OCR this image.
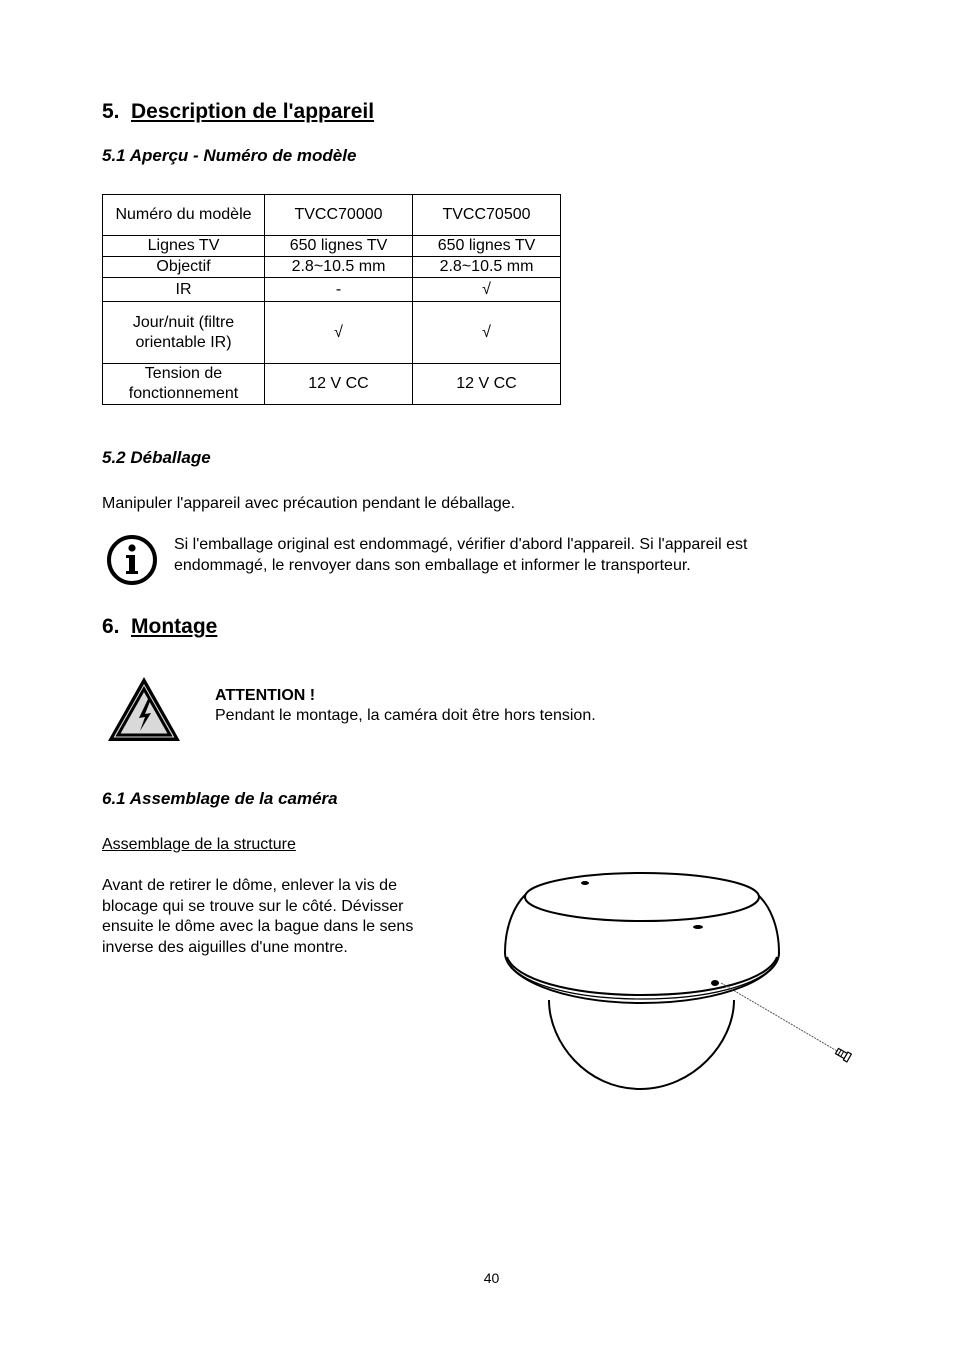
5. Description de l'appareil
5.1 Aperçu - Numéro de modèle
Numéro du modèle	TVCC70000	TVCC70500
Lignes TV	650 lignes TV	650 lignes TV
Objectif	2.8~10.5 mm	2.8~10.5 mm
IR	-	√
Jour/nuit (filtre orientable IR)	√	√
Tension de fonctionnement	12 V CC	12 V CC
5.2 Déballage
Manipuler l'appareil avec précaution pendant le déballage.
Si l'emballage original est endommagé, vérifier d'abord l'appareil. Si l'appareil est endommagé, le renvoyer dans son emballage et informer le transporteur.
6. Montage
ATTENTION !
Pendant le montage, la caméra doit être hors tension.
6.1 Assemblage de la caméra
Assemblage de la structure
Avant de retirer le dôme, enlever la vis de blocage qui se trouve sur le côté. Dévisser ensuite le dôme avec la bague dans le sens inverse des aiguilles d'une montre.
40
